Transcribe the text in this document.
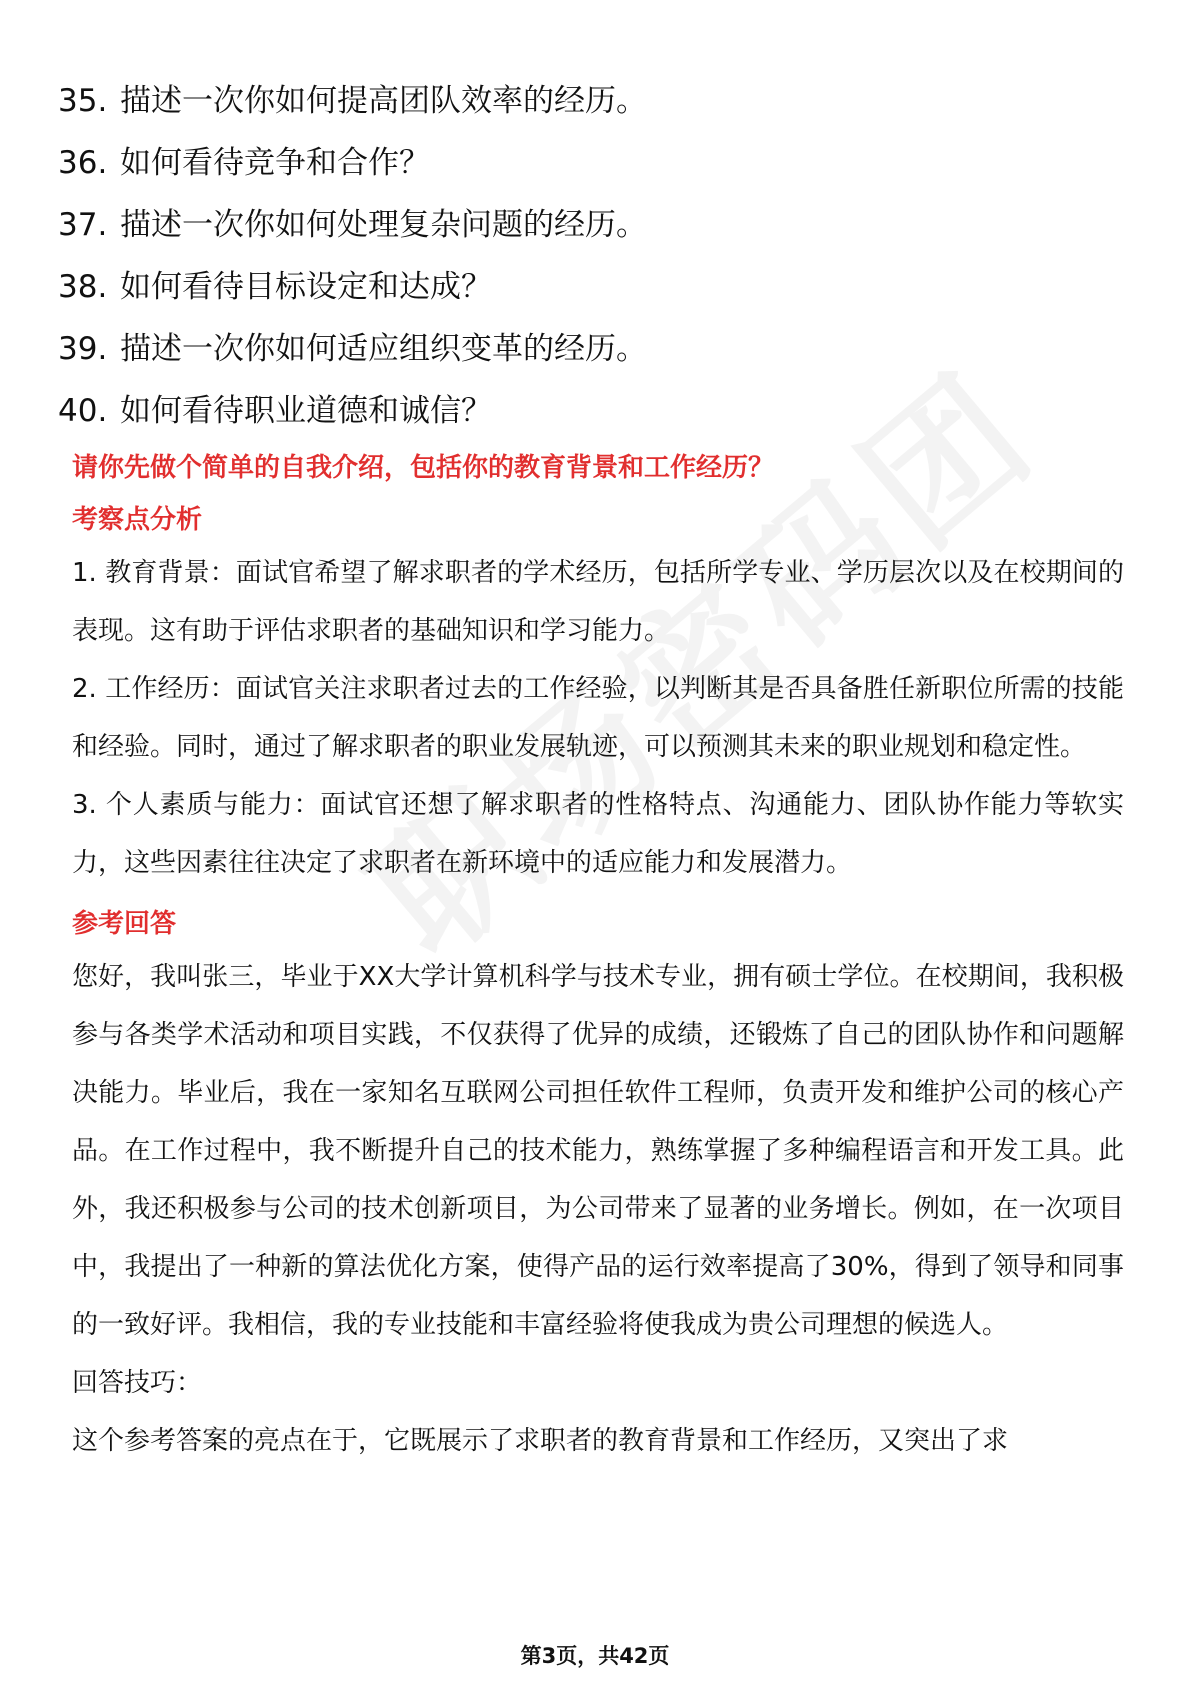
35. 描述一次你如何提高团队效率的经历。
36. 如何看待竞争和合作？
37. 描述一次你如何处理复杂问题的经历。
38. 如何看待目标设定和达成？
39. 描述一次你如何适应组织变革的经历。
40. 如何看待职业道德和诚信？
请你先做个简单的自我介绍，包括你的教育背景和工作经历？
考察点分析

1. 教育背景：面试官希望了解求职者的学术经历，包括所学专业、学历层次以及在校期间的表现。这有助于评估求职者的基础知识和学习能力。

2. 工作经历：面试官关注求职者过去的工作经验，以判断其是否具备胜任新职位所需的技能和经验。同时，通过了解求职者的职业发展轨迹，可以预测其未来的职业规划和稳定性。

3. 个人素质与能力：面试官还想了解求职者的性格特点、沟通能力、团队协作能力等软实力，这些因素往往决定了求职者在新环境中的适应能力和发展潜力。

参考回答

您好，我叫张三，毕业于XX大学计算机科学与技术专业，拥有硕士学位。在校期间，我积极参与各类学术活动和项目实践，不仅获得了优异的成绩，还锻炼了自己的团队协作和问题解决能力。毕业后，我在一家知名互联网公司担任软件工程师，负责开发和维护公司的核心产品。在工作过程中，我不断提升自己的技术能力，熟练掌握了多种编程语言和开发工具。此外，我还积极参与公司的技术创新项目，为公司带来了显著的业务增长。例如，在一次项目中，我提出了一种新的算法优化方案，使得产品的运行效率提高了30%，得到了领导和同事的一致好评。我相信，我的专业技能和丰富经验将使我成为贵公司理想的候选人。

回答技巧：

这个参考答案的亮点在于，它既展示了求职者的教育背景和工作经历，又突出了求

第3页，共42页
